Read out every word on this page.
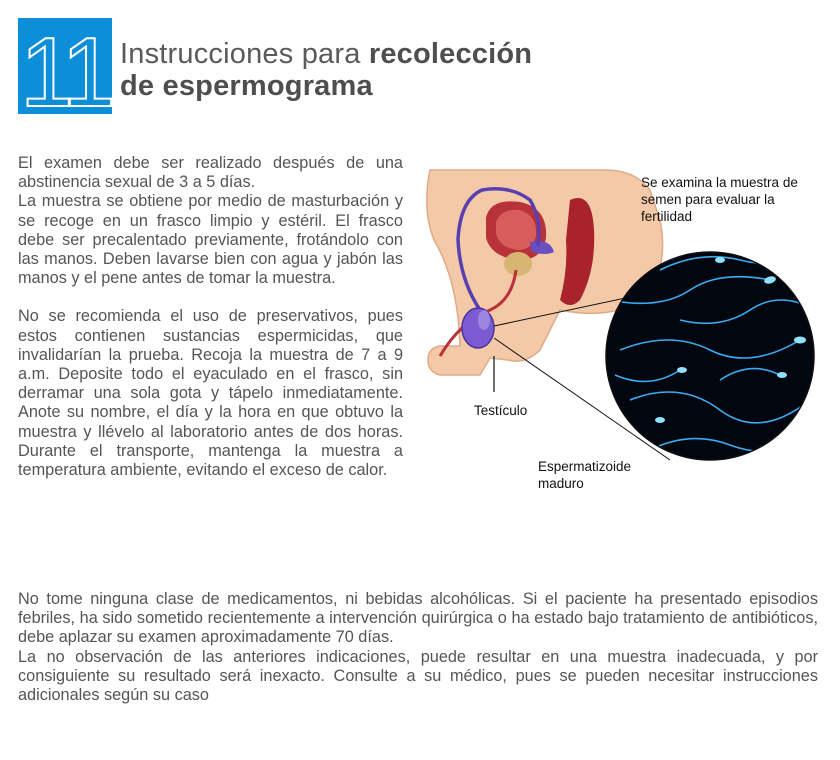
11 Instrucciones para recolección
de espermograma

El examen debe ser realizado después de una abstinencia sexual de 3 a 5 días.

La muestra se obtiene por medio de masturbación y se recoge en un frasco limpio y estéril. El frasco debe ser precalentado previamente, frotándolo con las manos. Deben lavarse bien con agua y jabón las manos y el pene antes de tomar la muestra.

No se recomienda el uso de preservativos, pues estos contienen sustancias espermicidas, que invalidarían la prueba. Recoja la muestra de 7 a 9 a.m. Deposite todo el eyaculado en el frasco, sin derramar una sola gota y tápelo inmediatamente. Anote su nombre, el día y la hora en que obtuvo la muestra y llévelo al laboratorio antes de dos horas. Durante el transporte, mantenga la muestra a temperatura ambiente, evitando el exceso de calor.

Se examina la muestra de semen para evaluar la fertilidad
Testículo
Espermatizoide maduro

No tome ninguna clase de medicamentos, ni bebidas alcohólicas. Si el paciente ha presentado episodios febriles, ha sido sometido recientemente a intervención quirúrgica o ha estado bajo tratamiento de antibióticos, debe aplazar su examen aproximadamente 70 días.

La no observación de las anteriores indicaciones, puede resultar en una muestra inadecuada, y por consiguiente su resultado será inexacto. Consulte a su médico, pues se pueden necesitar instrucciones adicionales según su caso
